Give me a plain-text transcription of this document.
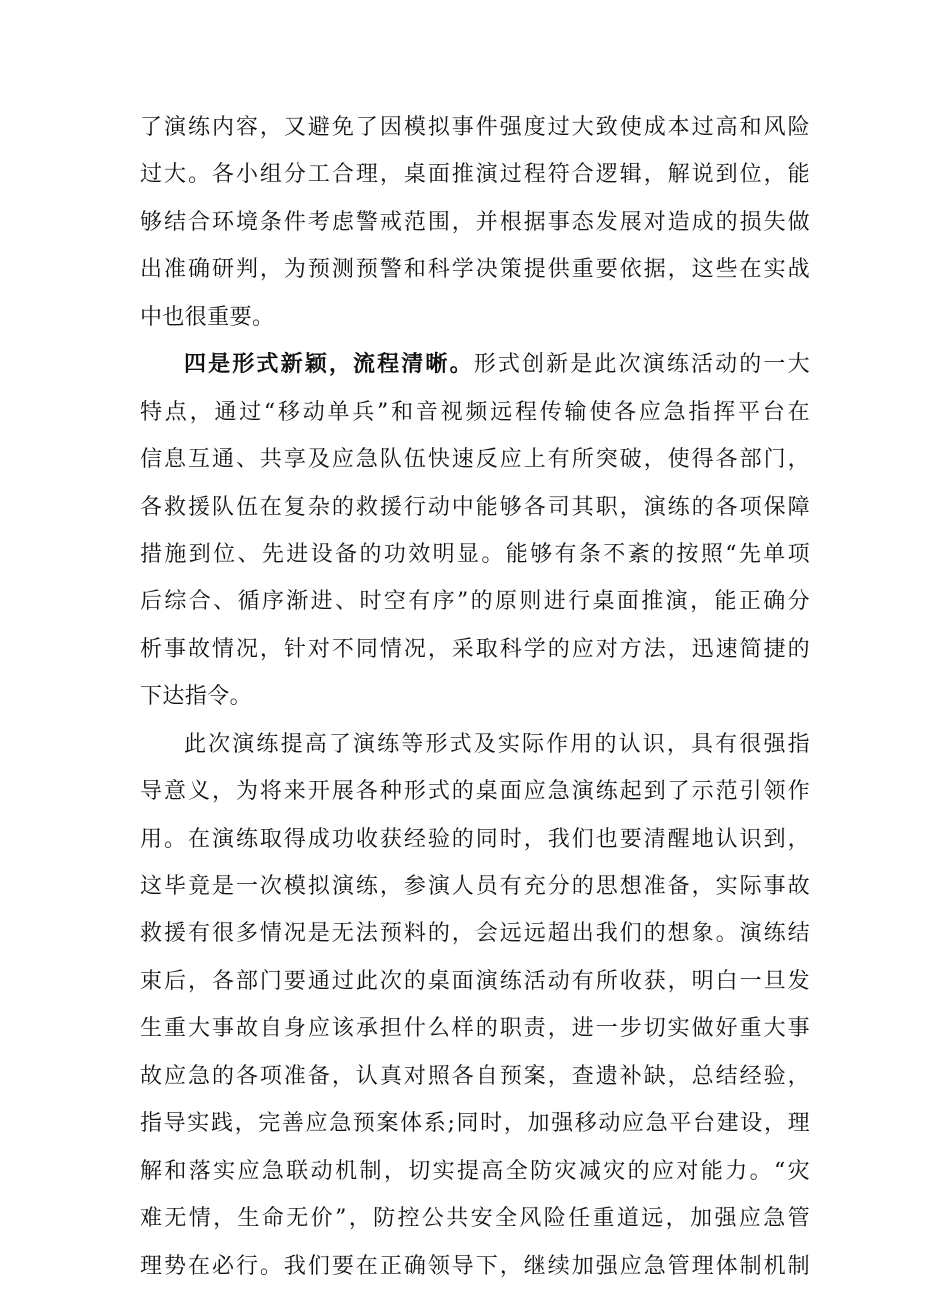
了演练内容，又避免了因模拟事件强度过大致使成本过高和风险
过大。各小组分工合理，桌面推演过程符合逻辑，解说到位，能
够结合环境条件考虑警戒范围，并根据事态发展对造成的损失做
出准确研判，为预测预警和科学决策提供重要依据，这些在实战
中也很重要。
四是形式新颖，流程清晰。形式创新是此次演练活动的一大
特点，通过“移动单兵”和音视频远程传输使各应急指挥平台在
信息互通、共享及应急队伍快速反应上有所突破，使得各部门，
各救援队伍在复杂的救援行动中能够各司其职，演练的各项保障
措施到位、先进设备的功效明显。能够有条不紊的按照“先单项
后综合、循序渐进、时空有序”的原则进行桌面推演，能正确分
析事故情况，针对不同情况，采取科学的应对方法，迅速简捷的
下达指令。
此次演练提高了演练等形式及实际作用的认识，具有很强指
导意义，为将来开展各种形式的桌面应急演练起到了示范引领作
用。在演练取得成功收获经验的同时，我们也要清醒地认识到，
这毕竟是一次模拟演练，参演人员有充分的思想准备，实际事故
救援有很多情况是无法预料的，会远远超出我们的想象。演练结
束后，各部门要通过此次的桌面演练活动有所收获，明白一旦发
生重大事故自身应该承担什么样的职责，进一步切实做好重大事
故应急的各项准备，认真对照各自预案，查遗补缺，总结经验，
指导实践，完善应急预案体系;同时，加强移动应急平台建设，理
解和落实应急联动机制，切实提高全防灾减灾的应对能力。“灾
难无情，生命无价”，防控公共安全风险任重道远，加强应急管
理势在必行。我们要在正确领导下，继续加强应急管理体制机制
